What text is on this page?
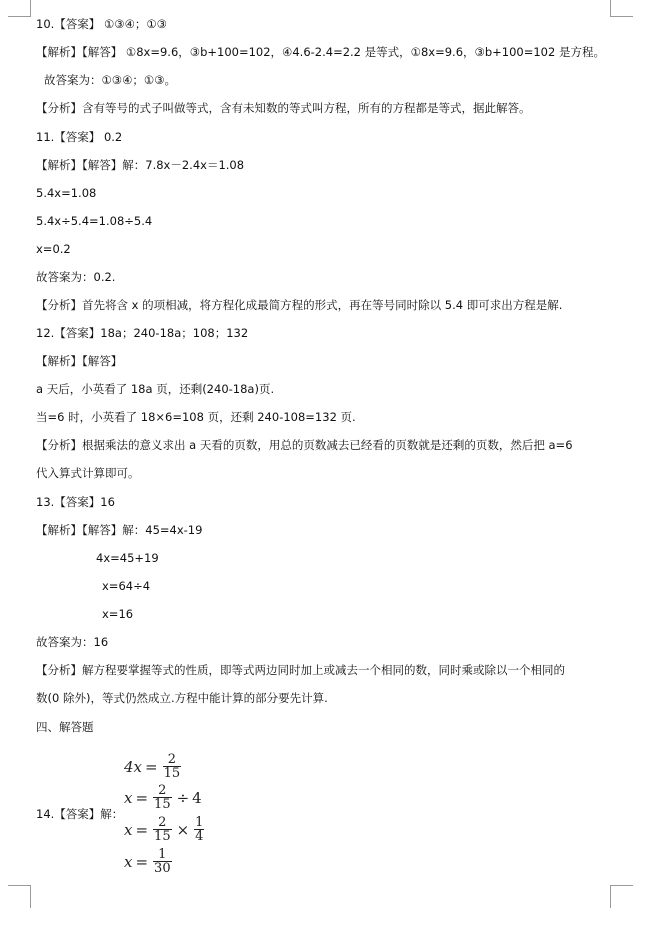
10.【答案】 ①③④；①③
【解析】【解答】 ①8x=9.6，③b+100=102，④4.6-2.4=2.2 是等式，①8x=9.6，③b+100=102 是方程。
故答案为：①③④；①③。
【分析】含有等号的式子叫做等式，含有未知数的等式叫方程，所有的方程都是等式，据此解答。
11.【答案】 0.2
【解析】【解答】解：7.8x－2.4x＝1.08
5.4x=1.08
5.4x÷5.4=1.08÷5.4
x=0.2
故答案为：0.2.
【分析】首先将含 x 的项相减，将方程化成最简方程的形式，再在等号同时除以 5.4 即可求出方程是解.
12.【答案】18a；240-18a；108；132
【解析】【解答】
a 天后，小英看了 18a 页，还剩(240-18a)页.
当=6 时，小英看了 18×6=108 页，还剩 240-108=132 页.
【分析】根据乘法的意义求出 a 天看的页数，用总的页数减去已经看的页数就是还剩的页数，然后把 a=6
代入算式计算即可。
13.【答案】16
【解析】【解答】解：45=4x-19
4x=45+19
x=64÷4
x=16
故答案为：16
【分析】解方程要掌握等式的性质，即等式两边同时加上或减去一个相同的数，同时乘或除以一个相同的
数(0 除外)，等式仍然成立.方程中能计算的部分要先计算.
四、解答题
14.【答案】解：
$4x = \frac{2}{15}$
$x = \frac{2}{15} \div 4$
$x = \frac{2}{15} \times \frac{1}{4}$
$x = \frac{1}{30}$
